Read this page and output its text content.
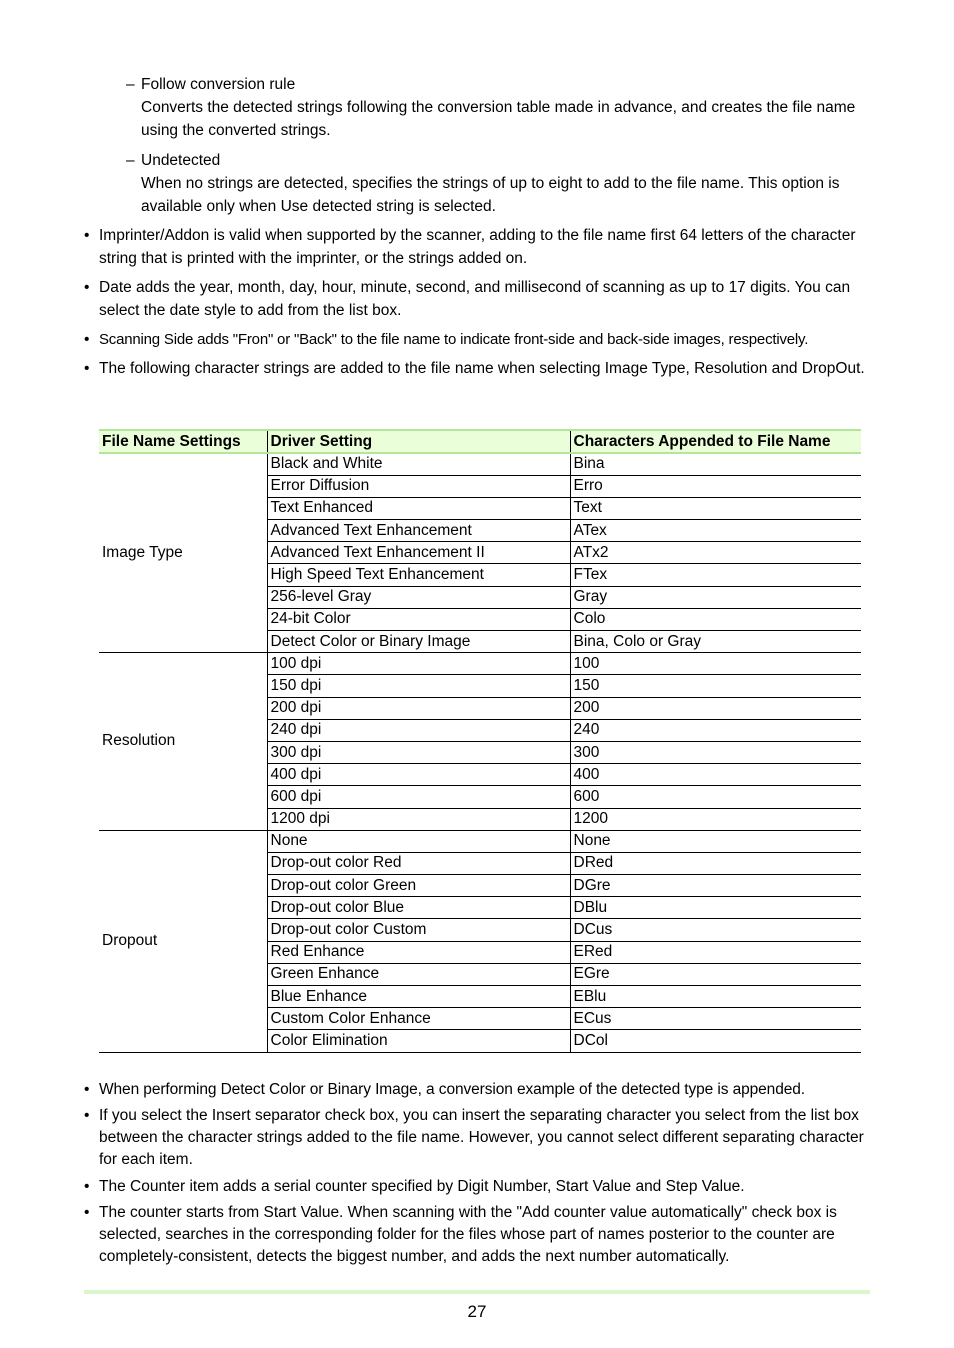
– Follow conversion rule
Converts the detected strings following the conversion table made in advance, and creates the file name using the converted strings.
– Undetected
When no strings are detected, specifies the strings of up to eight to add to the file name. This option is available only when Use detected string is selected.
• Imprinter/Addon is valid when supported by the scanner, adding to the file name first 64 letters of the character string that is printed with the imprinter, or the strings added on.
• Date adds the year, month, day, hour, minute, second, and millisecond of scanning as up to 17 digits. You can select the date style to add from the list box.
• Scanning Side adds "Fron" or "Back" to the file name to indicate front-side and back-side images, respectively.
• The following character strings are added to the file name when selecting Image Type, Resolution and DropOut.
File Name Settings	Driver Setting	Characters Appended to File Name
Image Type	Black and White	Bina
	Error Diffusion	Erro
	Text Enhanced	Text
	Advanced Text Enhancement	ATex
	Advanced Text Enhancement II	ATx2
	High Speed Text Enhancement	FTex
	256-level Gray	Gray
	24-bit Color	Colo
	Detect Color or Binary Image	Bina, Colo or Gray
Resolution	100 dpi	100
	150 dpi	150
	200 dpi	200
	240 dpi	240
	300 dpi	300
	400 dpi	400
	600 dpi	600
	1200 dpi	1200
Dropout	None	None
	Drop-out color Red	DRed
	Drop-out color Green	DGre
	Drop-out color Blue	DBlu
	Drop-out color Custom	DCus
	Red Enhance	ERed
	Green Enhance	EGre
	Blue Enhance	EBlu
	Custom Color Enhance	ECus
	Color Elimination	DCol
• When performing Detect Color or Binary Image, a conversion example of the detected type is appended.
• If you select the Insert separator check box, you can insert the separating character you select from the list box between the character strings added to the file name. However, you cannot select different separating character for each item.
• The Counter item adds a serial counter specified by Digit Number, Start Value and Step Value.
• The counter starts from Start Value. When scanning with the "Add counter value automatically" check box is selected, searches in the corresponding folder for the files whose part of names posterior to the counter are completely-consistent, detects the biggest number, and adds the next number automatically.
27
